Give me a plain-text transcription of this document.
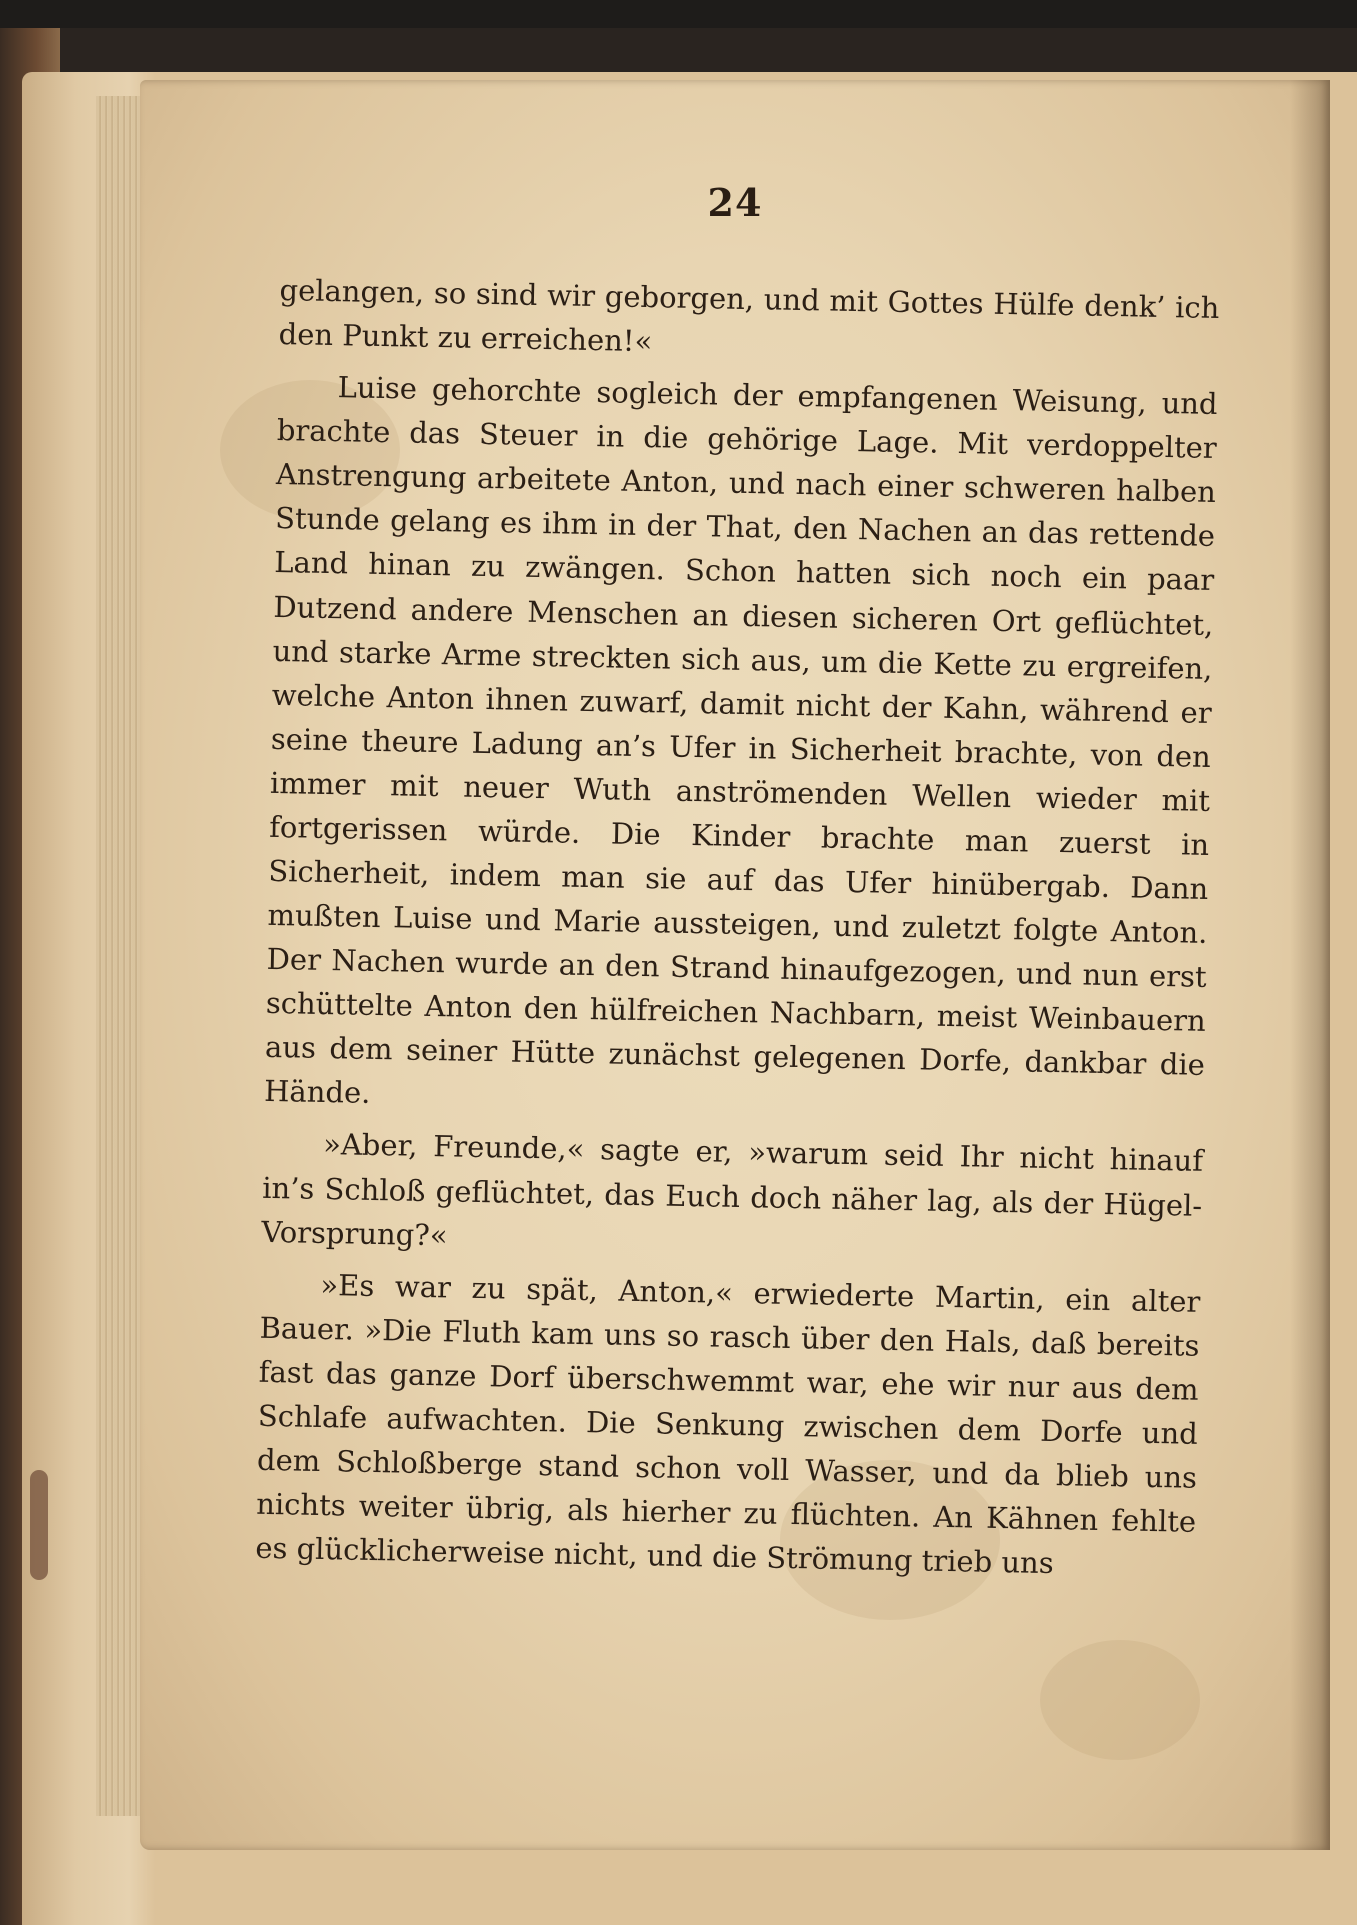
24

gelangen, so sind wir geborgen, und mit Gottes Hülfe denk’ ich den Punkt zu erreichen!«

Luise gehorchte sogleich der empfangenen Weisung, und brachte das Steuer in die gehörige Lage. Mit verdoppelter Anstrengung arbeitete Anton, und nach einer schweren halben Stunde gelang es ihm in der That, den Nachen an das rettende Land hinan zu zwängen. Schon hatten sich noch ein paar Dutzend andere Menschen an diesen sicheren Ort geflüchtet, und starke Arme streckten sich aus, um die Kette zu ergreifen, welche Anton ihnen zuwarf, damit nicht der Kahn, während er seine theure Ladung an’s Ufer in Sicherheit brachte, von den immer mit neuer Wuth anströmenden Wellen wieder mit fortgerissen würde. Die Kinder brachte man zuerst in Sicherheit, indem man sie auf das Ufer hinübergab. Dann mußten Luise und Marie aussteigen, und zuletzt folgte Anton. Der Nachen wurde an den Strand hinaufgezogen, und nun erst schüttelte Anton den hülfreichen Nachbarn, meist Weinbauern aus dem seiner Hütte zunächst gelegenen Dorfe, dankbar die Hände.

»Aber, Freunde,« sagte er, »warum seid Ihr nicht hinauf in’s Schloß geflüchtet, das Euch doch näher lag, als der Hügel-Vorsprung?«

»Es war zu spät, Anton,« erwiederte Martin, ein alter Bauer. »Die Fluth kam uns so rasch über den Hals, daß bereits fast das ganze Dorf überschwemmt war, ehe wir nur aus dem Schlafe aufwachten. Die Senkung zwischen dem Dorfe und dem Schloßberge stand schon voll Wasser, und da blieb uns nichts weiter übrig, als hierher zu flüchten. An Kähnen fehlte es glücklicherweise nicht, und die Strömung trieb uns
